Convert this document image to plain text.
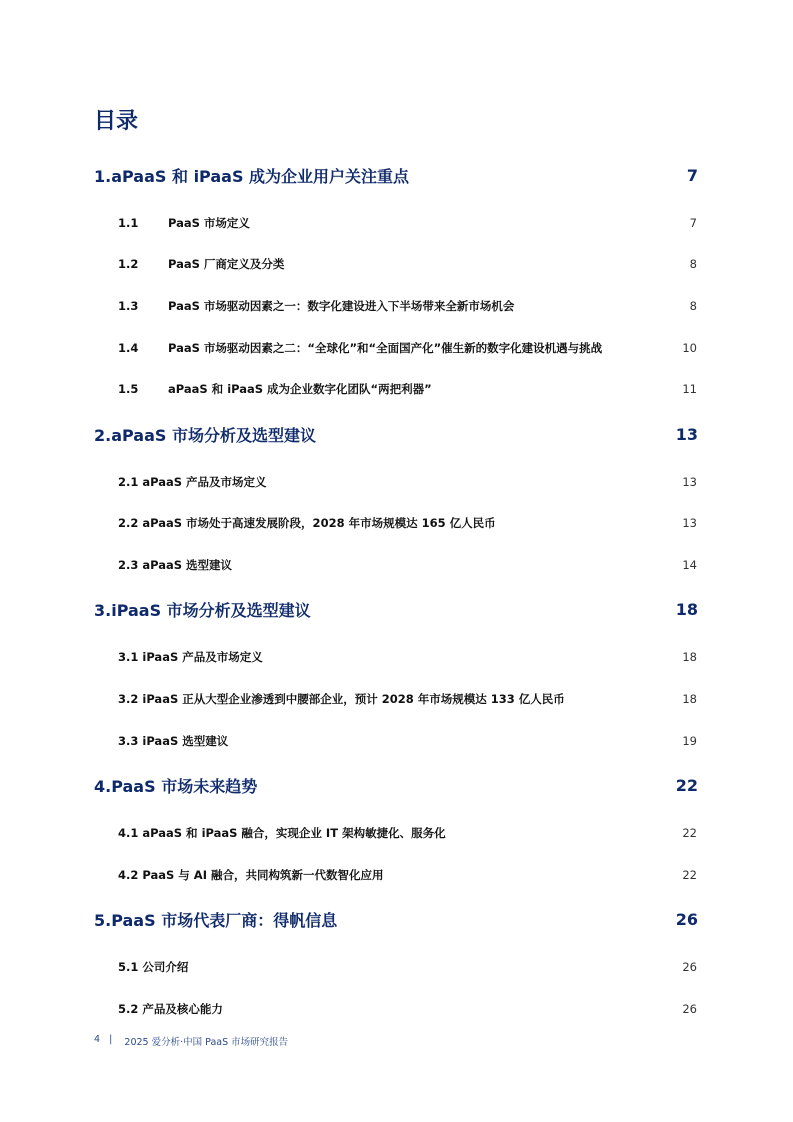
目录
1.aPaaS 和 iPaaS 成为企业用户关注重点	7
1.1	PaaS 市场定义	7
1.2	PaaS 厂商定义及分类	8
1.3	PaaS 市场驱动因素之一：数字化建设进入下半场带来全新市场机会	8
1.4	PaaS 市场驱动因素之二：“全球化”和“全面国产化”催生新的数字化建设机遇与挑战	10
1.5	aPaaS 和 iPaaS 成为企业数字化团队“两把利器”	11
2.aPaaS 市场分析及选型建议	13
2.1 aPaaS 产品及市场定义	13
2.2 aPaaS 市场处于高速发展阶段，2028 年市场规模达 165 亿人民币	13
2.3 aPaaS 选型建议	14
3.iPaaS 市场分析及选型建议	18
3.1 iPaaS 产品及市场定义	18
3.2 iPaaS 正从大型企业渗透到中腰部企业，预计 2028 年市场规模达 133 亿人民币	18
3.3 iPaaS 选型建议	19
4.PaaS 市场未来趋势	22
4.1 aPaaS 和 iPaaS 融合，实现企业 IT 架构敏捷化、服务化	22
4.2 PaaS 与 AI 融合，共同构筑新一代数智化应用	22
5.PaaS 市场代表厂商：得帆信息	26
5.1 公司介绍	26
5.2 产品及核心能力	26
4
|
2025 爱分析·中国 PaaS 市场研究报告
